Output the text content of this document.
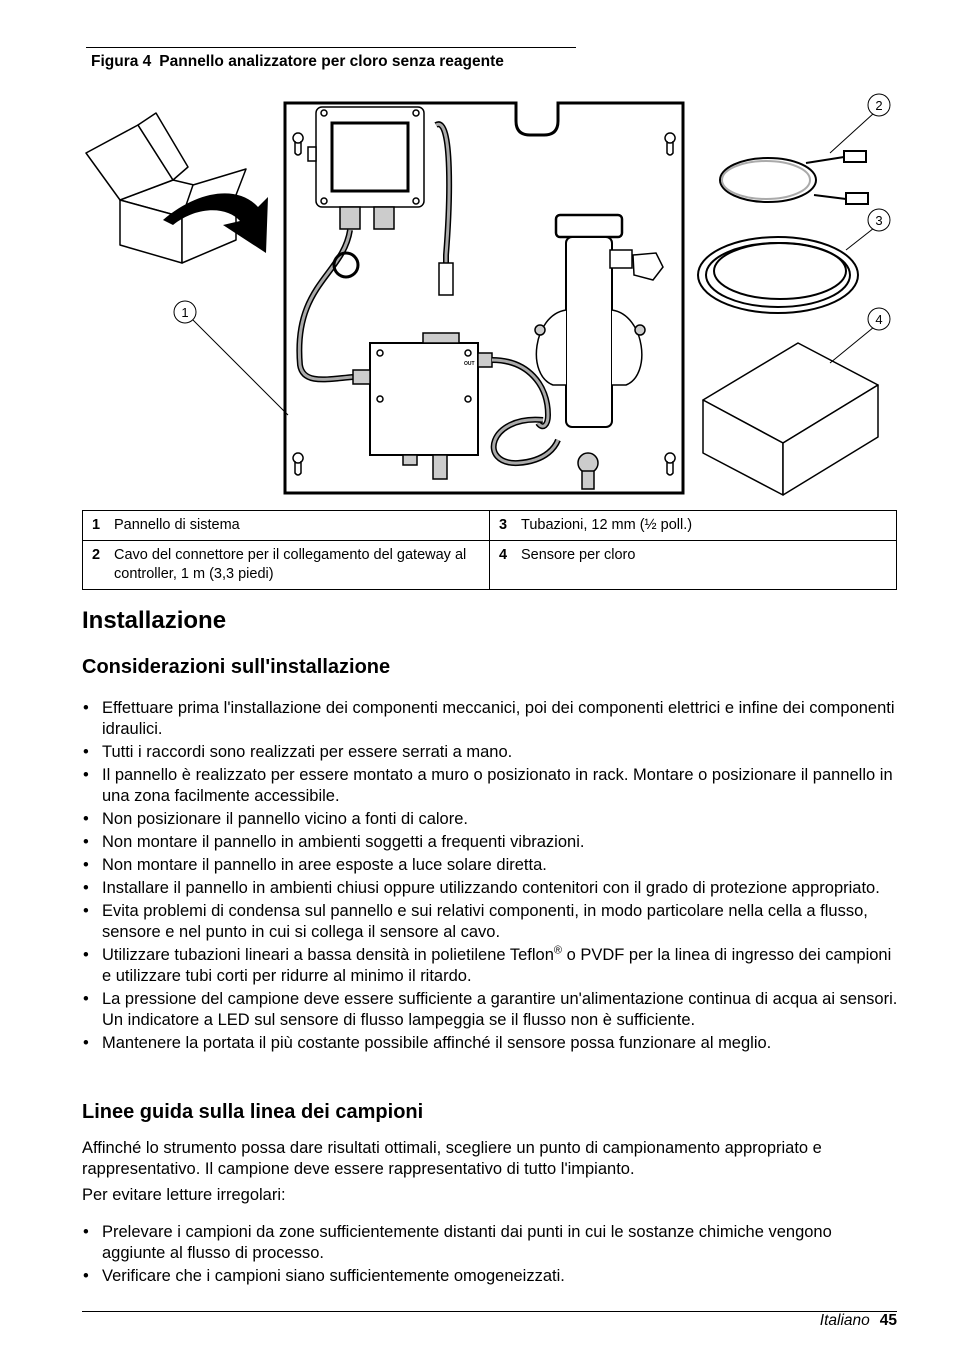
Figura 4 Pannello analizzatore per cloro senza reagente
OUT
1
2
3
4
1 Pannello di sistema	3 Tubazioni, 12 mm (½ poll.)

2 Cavo del connettore per il collegamento del gateway al controller, 1 m (3,3 piedi)	4 Sensore per cloro
Installazione
Considerazioni sull'installazione
• Effettuare prima l'installazione dei componenti meccanici, poi dei componenti elettrici e infine dei componenti idraulici.
• Tutti i raccordi sono realizzati per essere serrati a mano.
• Il pannello è realizzato per essere montato a muro o posizionato in rack. Montare o posizionare il pannello in una zona facilmente accessibile.
• Non posizionare il pannello vicino a fonti di calore.
• Non montare il pannello in ambienti soggetti a frequenti vibrazioni.
• Non montare il pannello in aree esposte a luce solare diretta.
• Installare il pannello in ambienti chiusi oppure utilizzando contenitori con il grado di protezione appropriato.
• Evita problemi di condensa sul pannello e sui relativi componenti, in modo particolare nella cella a flusso, sensore e nel punto in cui si collega il sensore al cavo.
• Utilizzare tubazioni lineari a bassa densità in polietilene Teflon® o PVDF per la linea di ingresso dei campioni e utilizzare tubi corti per ridurre al minimo il ritardo.
• La pressione del campione deve essere sufficiente a garantire un'alimentazione continua di acqua ai sensori. Un indicatore a LED sul sensore di flusso lampeggia se il flusso non è sufficiente.
• Mantenere la portata il più costante possibile affinché il sensore possa funzionare al meglio.
Linee guida sulla linea dei campioni

Affinché lo strumento possa dare risultati ottimali, scegliere un punto di campionamento appropriato e rappresentativo. Il campione deve essere rappresentativo di tutto l'impianto.

Per evitare letture irregolari:

• Prelevare i campioni da zone sufficientemente distanti dai punti in cui le sostanze chimiche vengono aggiunte al flusso di processo.
• Verificare che i campioni siano sufficientemente omogeneizzati.
Italiano 45
